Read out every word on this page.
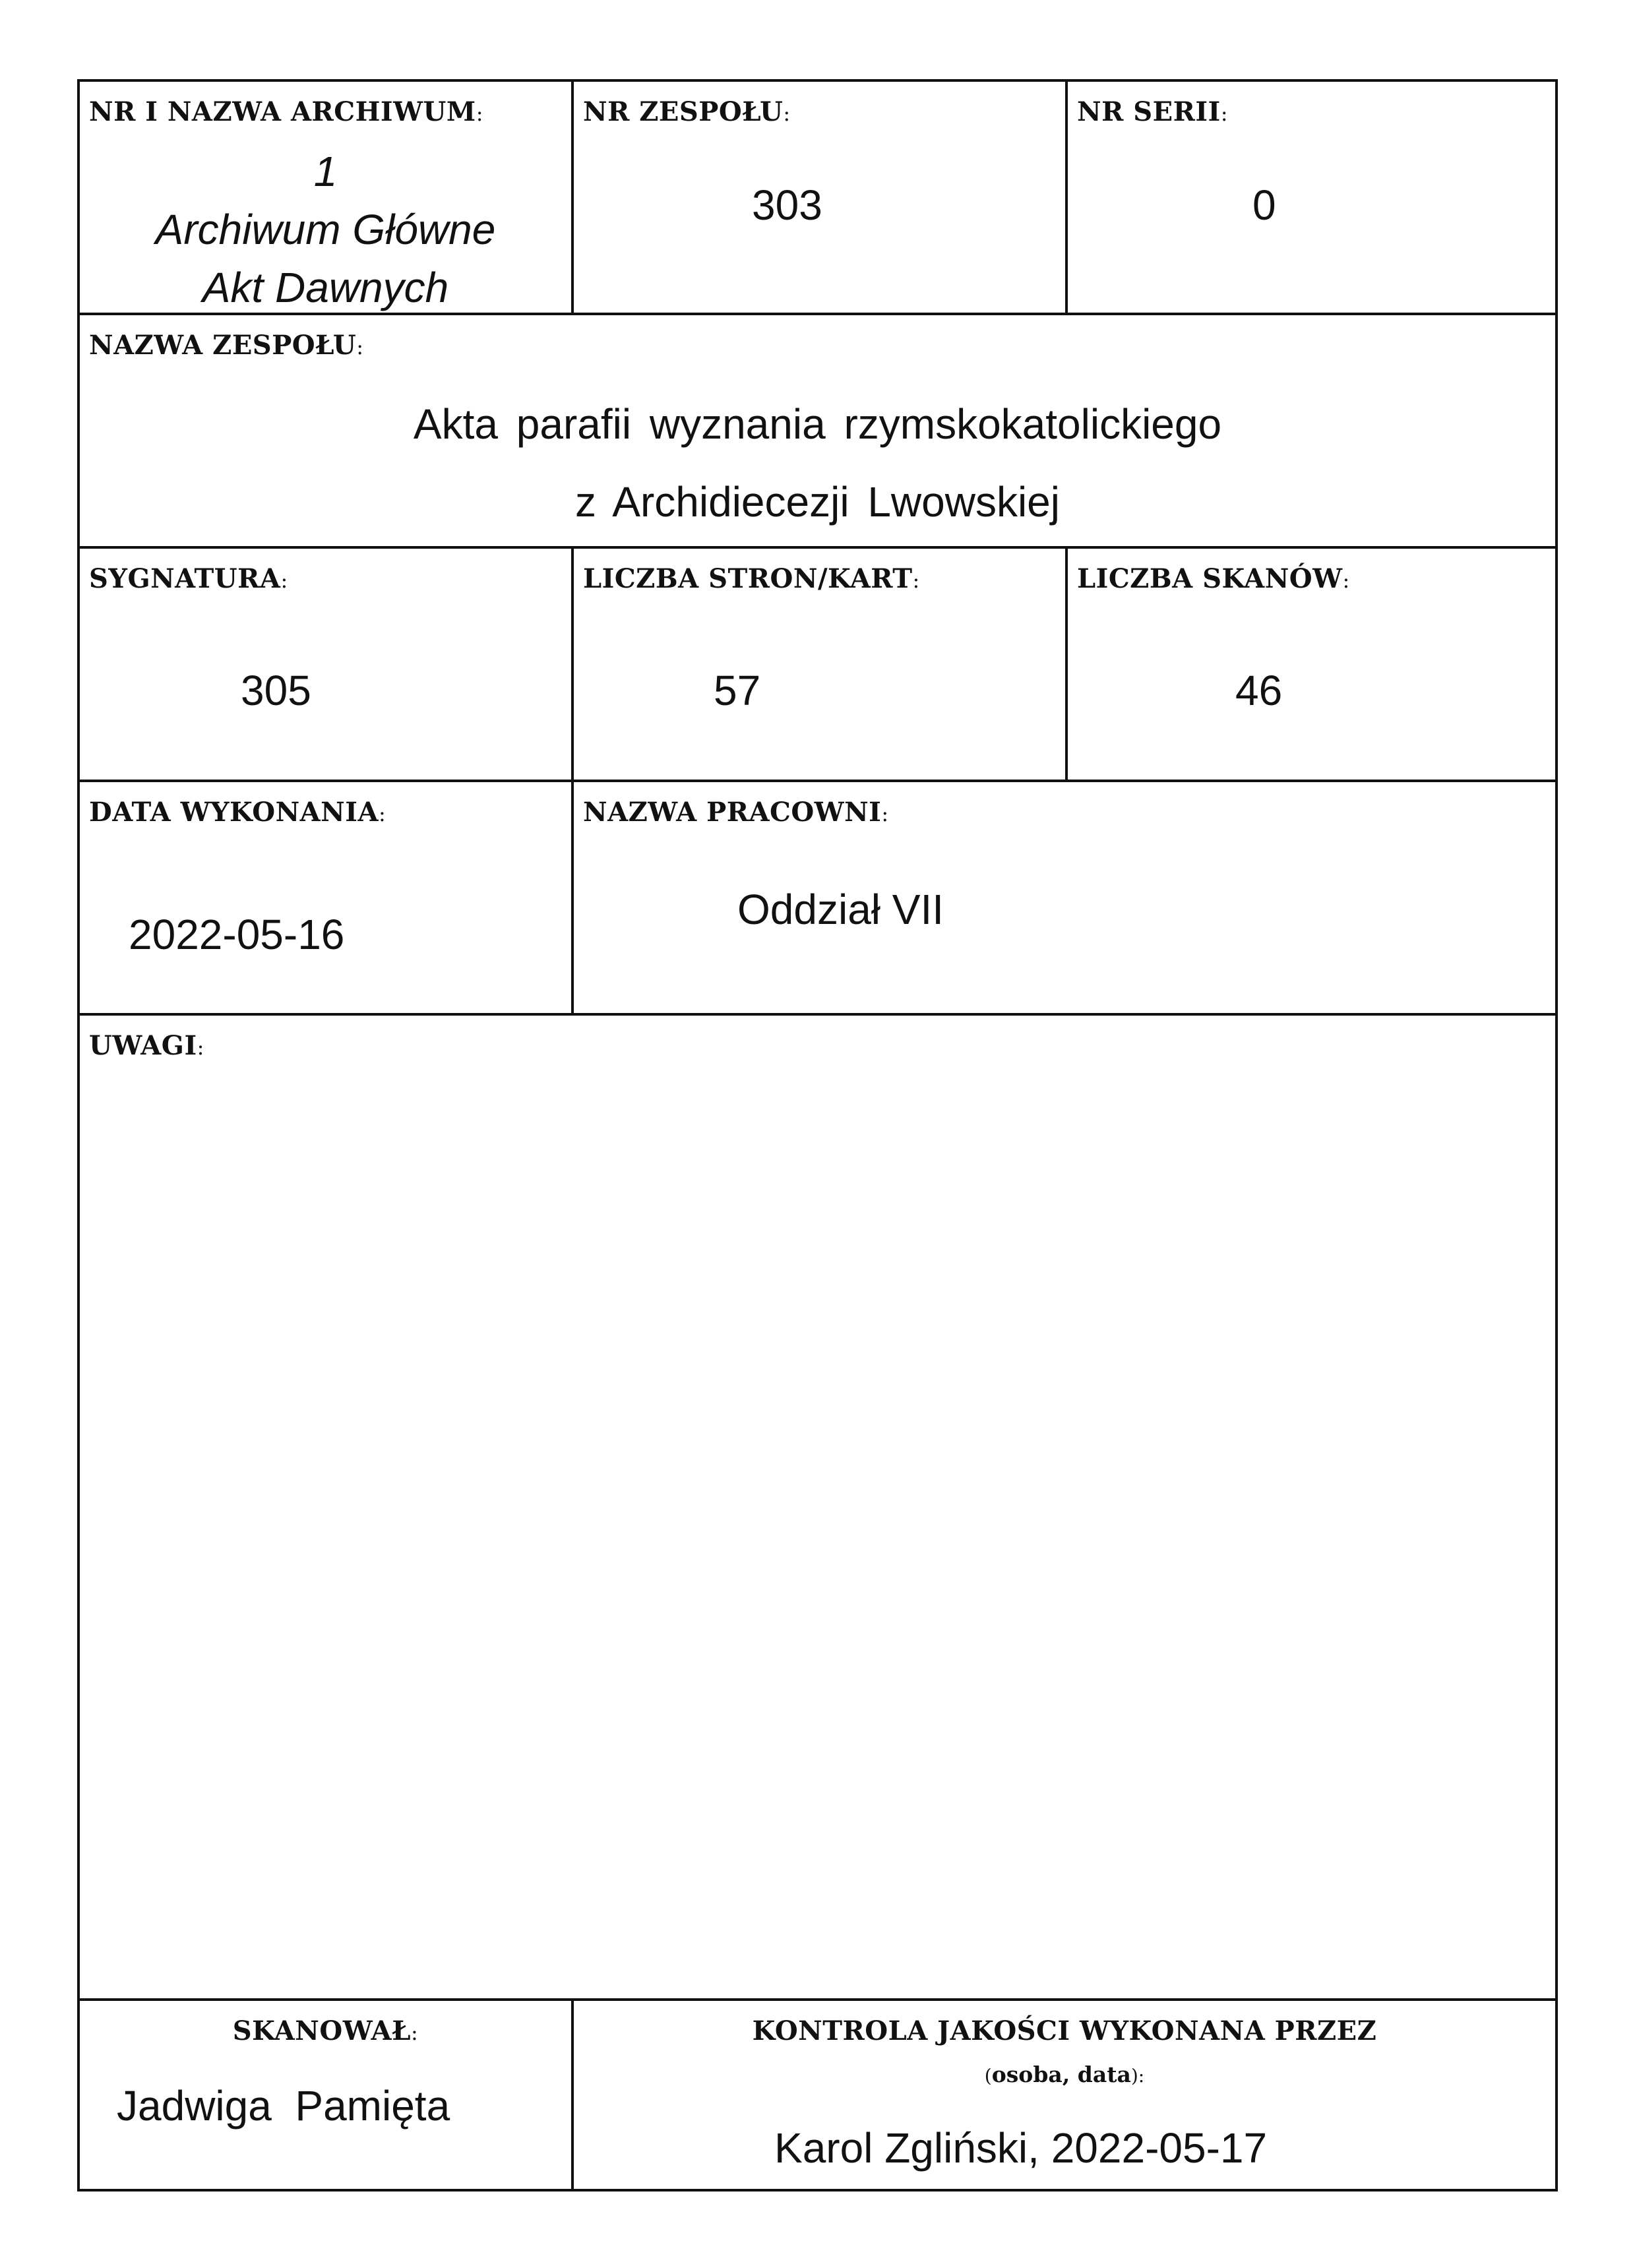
NR I NAZWA ARCHIWUM:
1
Archiwum Główne
Akt Dawnych
NR ZESPOŁU:
303
NR SERII:
0
NAZWA ZESPOŁU:
Akta parafii wyznania rzymskokatolickiego
z Archidiecezji Lwowskiej
SYGNATURA:
305
LICZBA STRON/KART:
57
LICZBA SKANÓW:
46
DATA WYKONANIA:
2022-05-16
NAZWA PRACOWNI:
Oddział VII
UWAGI:
SKANOWAŁ:
Jadwiga  Pamięta
KONTROLA JAKOŚCI WYKONANA PRZEZ
(osoba, data):
Karol Zgliński, 2022-05-17
